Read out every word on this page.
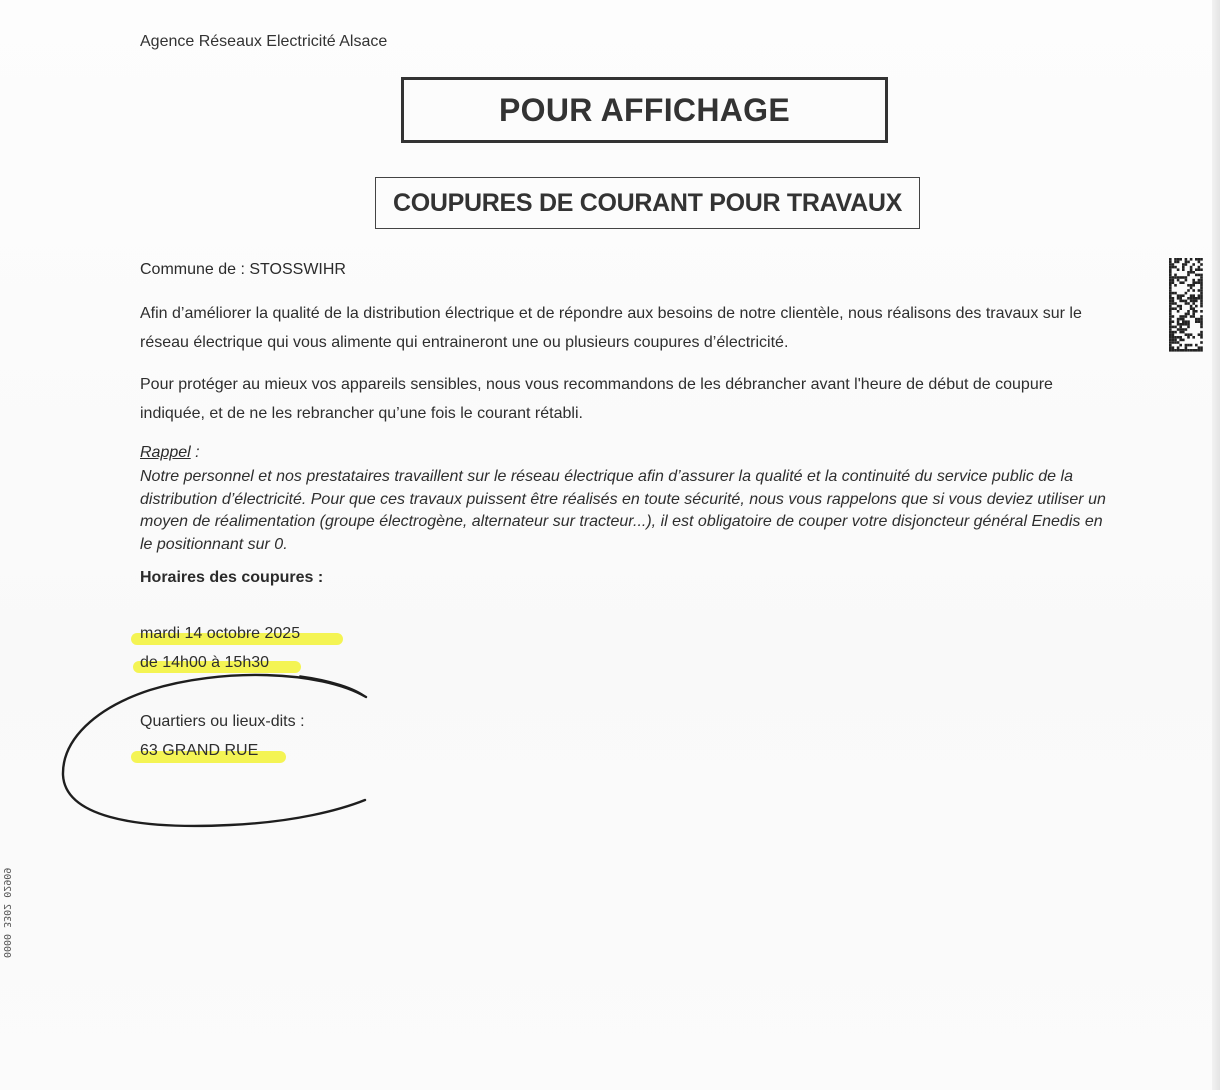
Agence Réseaux Electricité Alsace
POUR AFFICHAGE
COUPURES DE COURANT POUR TRAVAUX
Commune de : STOSSWIHR
Afin d’améliorer la qualité de la distribution électrique et de répondre aux besoins de notre clientèle, nous réalisons des travaux sur le réseau électrique qui vous alimente qui entraineront une ou plusieurs coupures d’électricité.
Pour protéger au mieux vos appareils sensibles, nous vous recommandons de les débrancher avant l'heure de début de coupure indiquée, et de ne les rebrancher qu’une fois le courant rétabli.
Rappel :
Notre personnel et nos prestataires travaillent sur le réseau électrique afin d’assurer la qualité et la continuité du service public de la distribution d’électricité. Pour que ces travaux puissent être réalisés en toute sécurité, nous vous rappelons que si vous deviez utiliser un moyen de réalimentation (groupe électrogène, alternateur sur tracteur...), il est obligatoire de couper votre disjoncteur général Enedis en le positionnant sur 0.
Horaires des coupures :
mardi 14 octobre 2025
de 14h00 à 15h30
Quartiers ou lieux-dits :
63 GRAND RUE
0000 3302 02909
